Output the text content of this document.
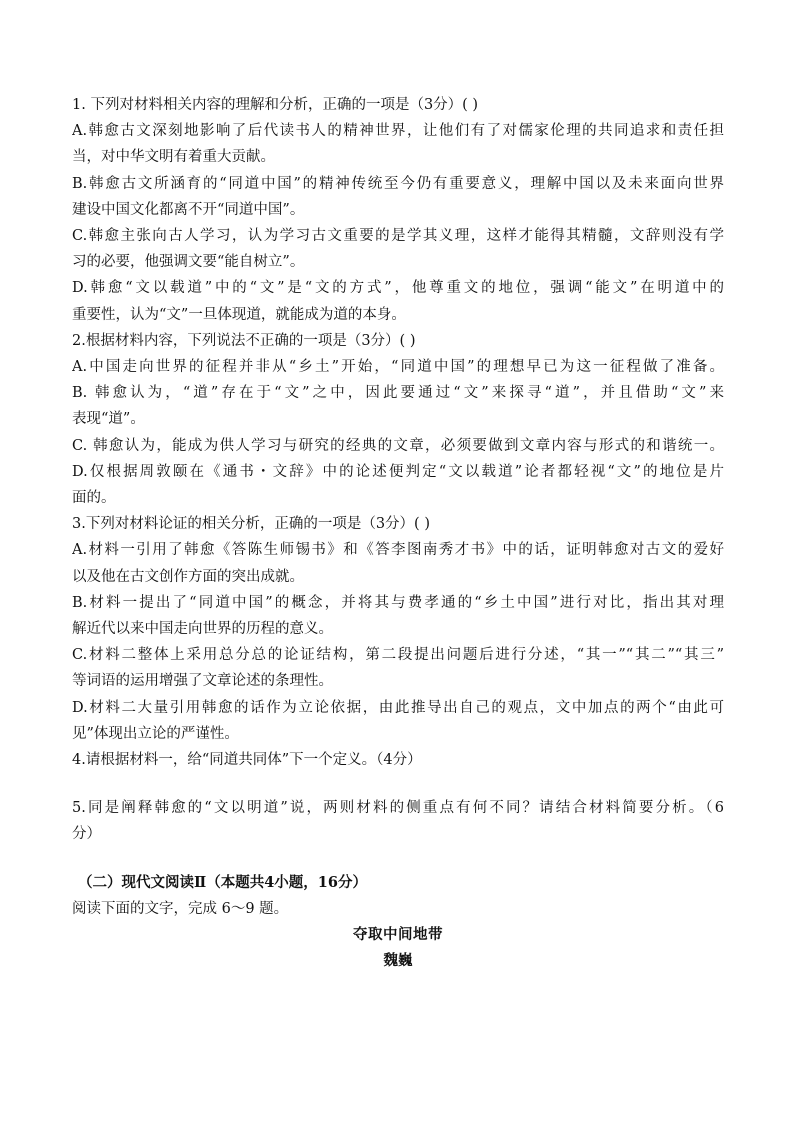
1. 下列对材料相关内容的理解和分析，正确的一项是（3分）( )
A.韩愈古文深刻地影响了后代读书人的精神世界，让他们有了对儒家伦理的共同追求和责任担
当，对中华文明有着重大贡献。
B.韩愈古文所涵育的“同道中国”的精神传统至今仍有重要意义，理解中国以及未来面向世界
建设中国文化都离不开“同道中国”。
C.韩愈主张向古人学习，认为学习古文重要的是学其义理，这样才能得其精髓，文辞则没有学
习的必要，他强调文要“能自树立”。
D.韩愈“文以载道”中的“文”是“文的方式”，他尊重文的地位，强调“能文”在明道中的
重要性，认为“文”一旦体现道，就能成为道的本身。
2.根据材料内容，下列说法不正确的一项是（3分）( )
A.中国走向世界的征程并非从“乡土”开始，“同道中国”的理想早已为这一征程做了准备。
B. 韩愈认为，“道”存在于“文”之中，因此要通过“文”来探寻“道”，并且借助“文”来
表现“道”。
C. 韩愈认为，能成为供人学习与研究的经典的文章，必须要做到文章内容与形式的和谐统一。
D.仅根据周敦颐在《通书・文辞》中的论述便判定“文以载道”论者都轻视“文”的地位是片
面的。
3.下列对材料论证的相关分析，正确的一项是（3分）( )
A.材料一引用了韩愈《答陈生师锡书》和《答李图南秀才书》中的话，证明韩愈对古文的爱好
以及他在古文创作方面的突出成就。
B.材料一提出了“同道中国”的概念，并将其与费孝通的“乡土中国”进行对比，指出其对理
解近代以来中国走向世界的历程的意义。
C.材料二整体上采用总分总的论证结构，第二段提出问题后进行分述，“其一”“其二”“其三”
等词语的运用增强了文章论述的条理性。
D.材料二大量引用韩愈的话作为立论依据，由此推导出自己的观点，文中加点的两个“由此可
见”体现出立论的严谨性。
4.请根据材料一，给“同道共同体”下一个定义。（4分）
5.同是阐释韩愈的“文以明道”说，两则材料的侧重点有何不同？请结合材料简要分析。（6
分）
（二）现代文阅读Ⅱ（本题共4小题，16分）
阅读下面的文字，完成 6～9 题。
夺取中间地带
魏巍
